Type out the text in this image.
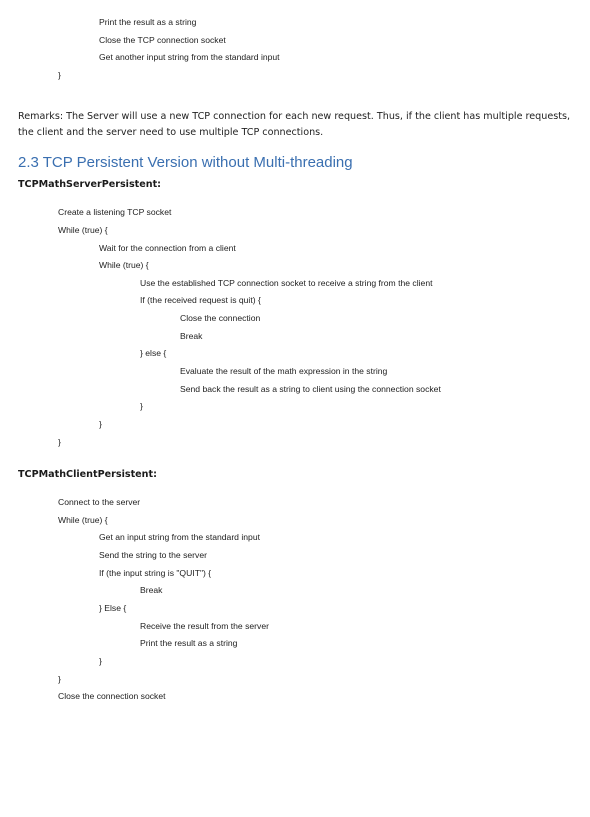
Print the result as a string
Close the TCP connection socket
Get another input string from the standard input
}
Remarks: The Server will use a new TCP connection for each new request. Thus, if the client has multiple requests, the client and the server need to use multiple TCP connections.
2.3 TCP Persistent Version without Multi-threading
TCPMathServerPersistent:
Create a listening TCP socket
While (true) {
Wait for the connection from a client
While (true) {
Use the established TCP connection socket to receive a string from the client
If (the received request is quit) {
Close the connection
Break
} else {
Evaluate the result of the math expression in the string
Send back the result as a string to client using the connection socket
}
}
}
TCPMathClientPersistent:
Connect to the server
While (true) {
Get an input string from the standard input
Send the string to the server
If (the input string is "QUIT") {
Break
} Else {
Receive the result from the server
Print the result as a string
}
}
Close the connection socket
